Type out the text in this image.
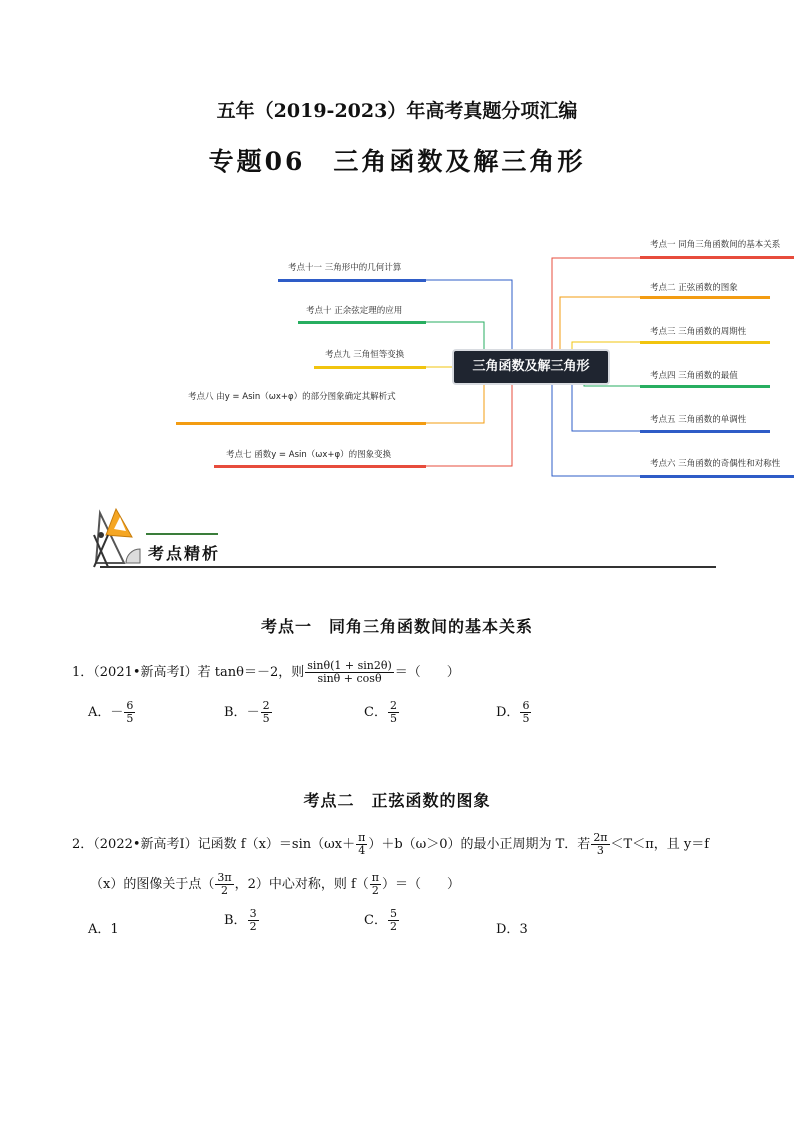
五年（2019-2023）年高考真题分项汇编
专题06　三角函数及解三角形
三角函数及解三角形
考点一 同角三角函数间的基本关系
考点二 正弦函数的图象
考点三 三角函数的周期性
考点四 三角函数的最值
考点五 三角函数的单调性
考点六 三角函数的奇偶性和对称性
考点十一 三角形中的几何计算
考点十 正余弦定理的应用
考点九 三角恒等变换
考点八 由y = Asin（ωx+φ）的部分图象确定其解析式
考点七 函数y = Asin（ωx+φ）的图象变换
考点精析
考点一　同角三角函数间的基本关系
1．（2021•新高考Ⅰ）若 tanθ＝－2，则 $\frac{\sin\theta(1 + \sin 2\theta)}{\sin\theta + \cos\theta}$ ＝（　　）
A．－ $\frac{6}{5}$	B．－ $\frac{2}{5}$	C． $\frac{2}{5}$	D． $\frac{6}{5}$
考点二　正弦函数的图象
2．（2022•新高考Ⅰ）记函数 $f(x)=\sin(\omega x+ \frac{\pi}{4} )+b(\omega>0)$的最小正周期为 T．若 $\frac{2\pi}{3} <T<\pi$，且 y＝f
（x）的图像关于点（ $\frac{3\pi}{2}$ ，2）中心对称，则 $f( \frac{\pi}{2}$ ）＝（　　）
A．1
B． $\frac{3}{2}$	C． $\frac{5}{2}$	D．3
